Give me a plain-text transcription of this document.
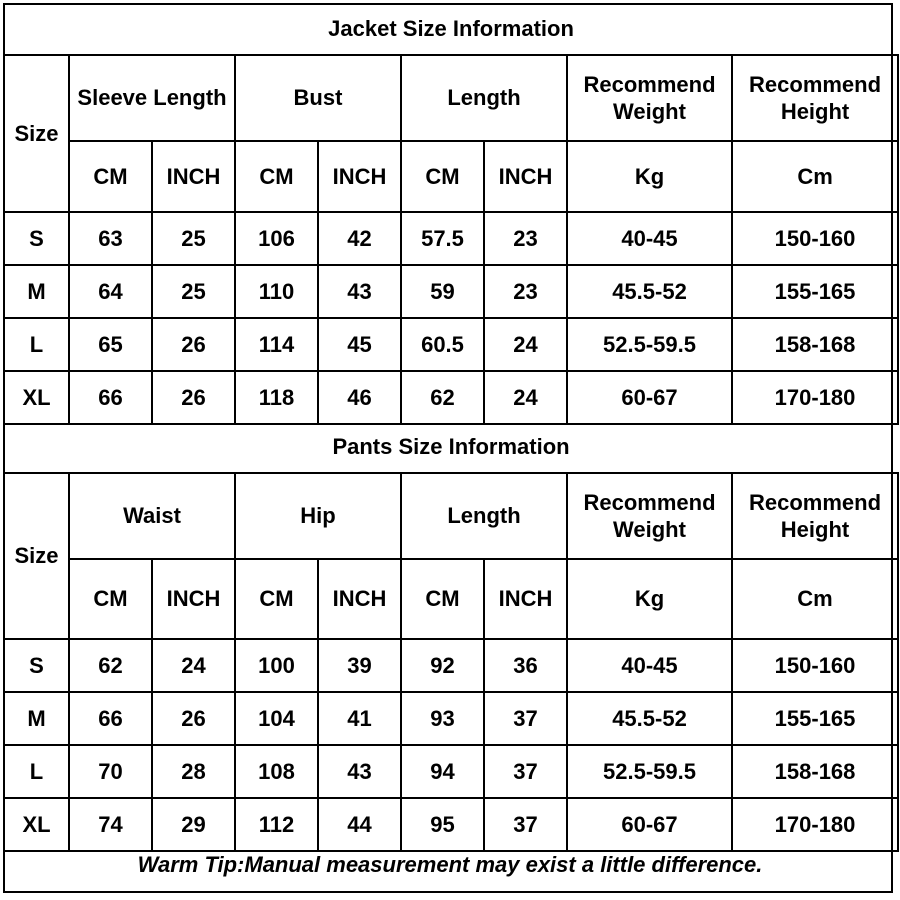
Jacket Size Information								
Size	Sleeve Length		Bust		Length		Recommend Weight	Recommend Height
	CM	INCH	CM	INCH	CM	INCH	Kg	Cm
S	63	25	106	42	57.5	23	40-45	150-160
M	64	25	110	43	59	23	45.5-52	155-165
L	65	26	114	45	60.5	24	52.5-59.5	158-168
XL	66	26	118	46	62	24	60-67	170-180
Pants Size Information								
Size	Waist		Hip		Length		Recommend Weight	Recommend Height
	CM	INCH	CM	INCH	CM	INCH	Kg	Cm
S	62	24	100	39	92	36	40-45	150-160
M	66	26	104	41	93	37	45.5-52	155-165
L	70	28	108	43	94	37	52.5-59.5	158-168
XL	74	29	112	44	95	37	60-67	170-180
Warm Tip:Manual measurement may exist a little difference.
